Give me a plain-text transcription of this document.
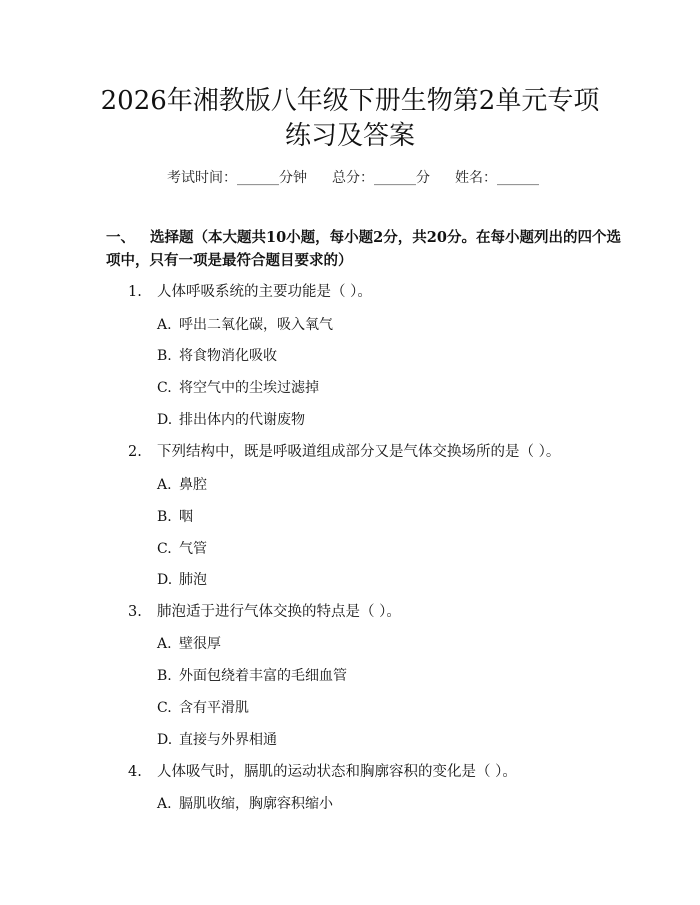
2026年湘教版八年级下册生物第2单元专项
练习及答案
考试时间：______分钟 总分：______分 姓名：______
一、 选择题（本大题共10小题，每小题2分，共20分。在每小题列出的四个选
项中，只有一项是最符合题目要求的）
1. 人体呼吸系统的主要功能是（ ）。
A. 呼出二氧化碳，吸入氧气
B. 将食物消化吸收
C. 将空气中的尘埃过滤掉
D. 排出体内的代谢废物
2. 下列结构中，既是呼吸道组成部分又是气体交换场所的是（ ）。
A. 鼻腔
B. 咽
C. 气管
D. 肺泡
3. 肺泡适于进行气体交换的特点是（ ）。
A. 壁很厚
B. 外面包绕着丰富的毛细血管
C. 含有平滑肌
D. 直接与外界相通
4. 人体吸气时，膈肌的运动状态和胸廓容积的变化是（ ）。
A. 膈肌收缩，胸廓容积缩小
